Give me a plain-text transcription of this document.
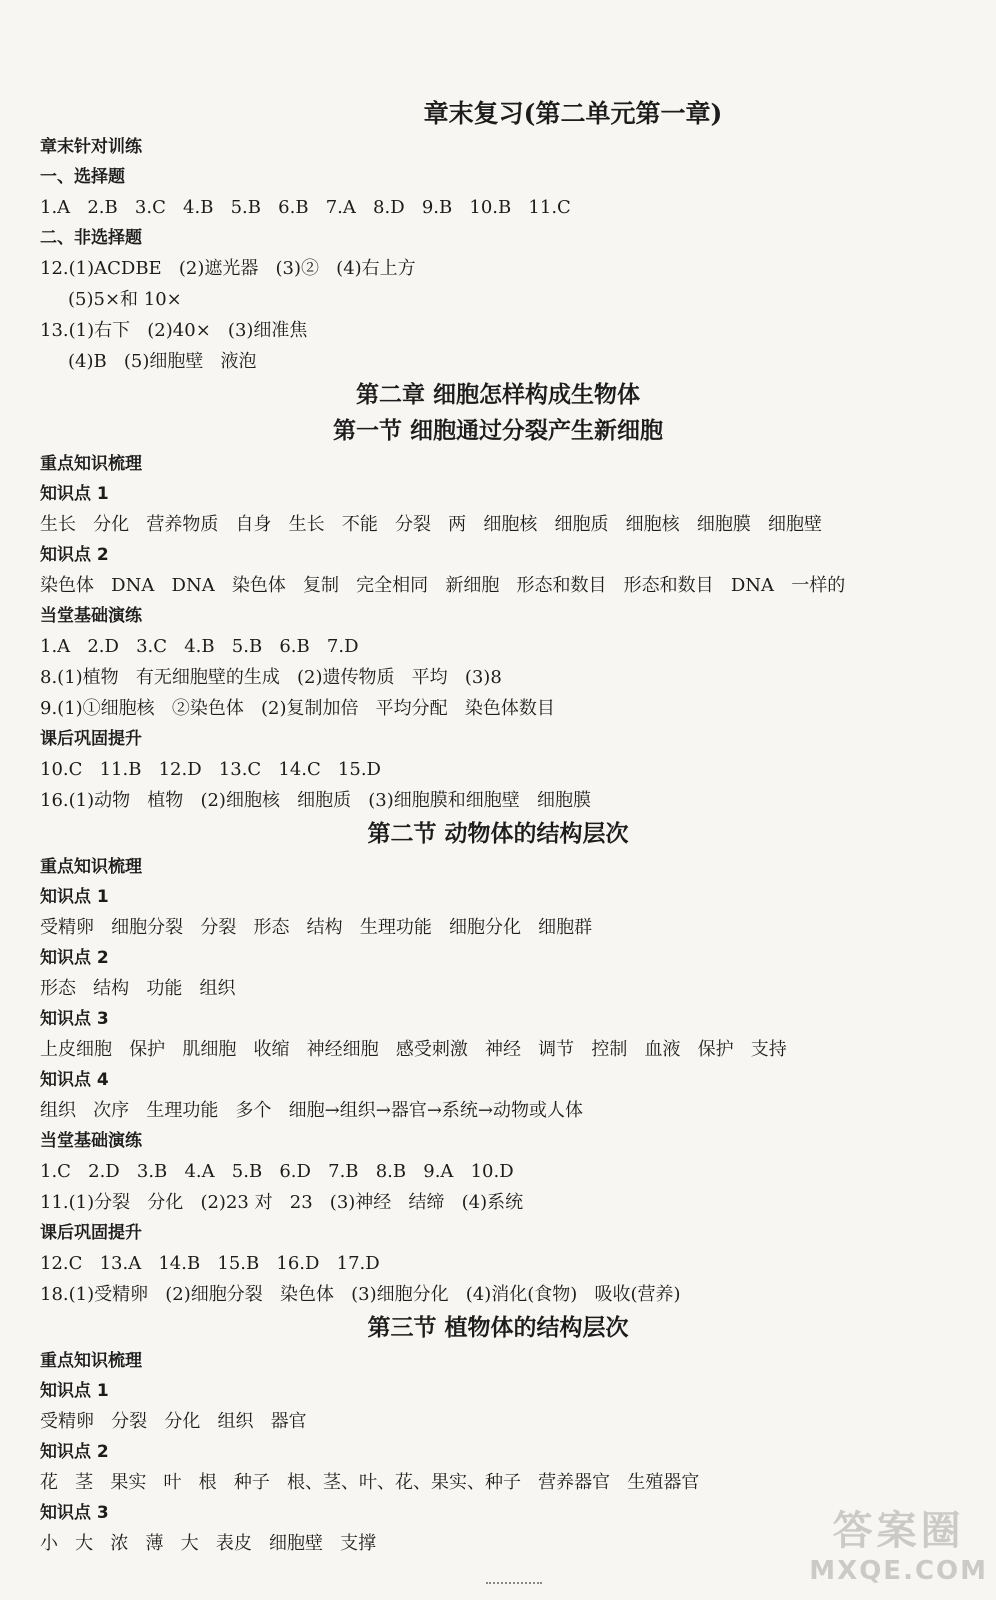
章末复习(第二单元第一章)
章末针对训练
一、选择题
1.A   2.B   3.C   4.B   5.B   6.B   7.A   8.D   9.B   10.B   11.C
二、非选择题
12.(1)ACDBE   (2)遮光器   (3)②   (4)右上方
(5)5×和 10×
13.(1)右下   (2)40×   (3)细准焦
(4)B   (5)细胞壁   液泡
第二章 细胞怎样构成生物体
第一节 细胞通过分裂产生新细胞
重点知识梳理
知识点 1
生长   分化   营养物质   自身   生长   不能   分裂   两   细胞核   细胞质   细胞核   细胞膜   细胞壁
知识点 2
染色体   DNA   DNA   染色体   复制   完全相同   新细胞   形态和数目   形态和数目   DNA   一样的
当堂基础演练
1.A   2.D   3.C   4.B   5.B   6.B   7.D
8.(1)植物   有无细胞壁的生成   (2)遗传物质   平均   (3)8
9.(1)①细胞核   ②染色体   (2)复制加倍   平均分配   染色体数目
课后巩固提升
10.C   11.B   12.D   13.C   14.C   15.D
16.(1)动物   植物   (2)细胞核   细胞质   (3)细胞膜和细胞壁   细胞膜
第二节 动物体的结构层次
重点知识梳理
知识点 1
受精卵   细胞分裂   分裂   形态   结构   生理功能   细胞分化   细胞群
知识点 2
形态   结构   功能   组织
知识点 3
上皮细胞   保护   肌细胞   收缩   神经细胞   感受刺激   神经   调节   控制   血液   保护   支持
知识点 4
组织   次序   生理功能   多个   细胞→组织→器官→系统→动物或人体
当堂基础演练
1.C   2.D   3.B   4.A   5.B   6.D   7.B   8.B   9.A   10.D
11.(1)分裂   分化   (2)23 对   23   (3)神经   结缔   (4)系统
课后巩固提升
12.C   13.A   14.B   15.B   16.D   17.D
18.(1)受精卵   (2)细胞分裂   染色体   (3)细胞分化   (4)消化(食物)   吸收(营养)
第三节 植物体的结构层次
重点知识梳理
知识点 1
受精卵   分裂   分化   组织   器官
知识点 2
花   茎   果实   叶   根   种子   根、茎、叶、花、果实、种子   营养器官   生殖器官
知识点 3
小   大   浓   薄   大   表皮   细胞壁   支撑	答案圈
MXQE.COM
